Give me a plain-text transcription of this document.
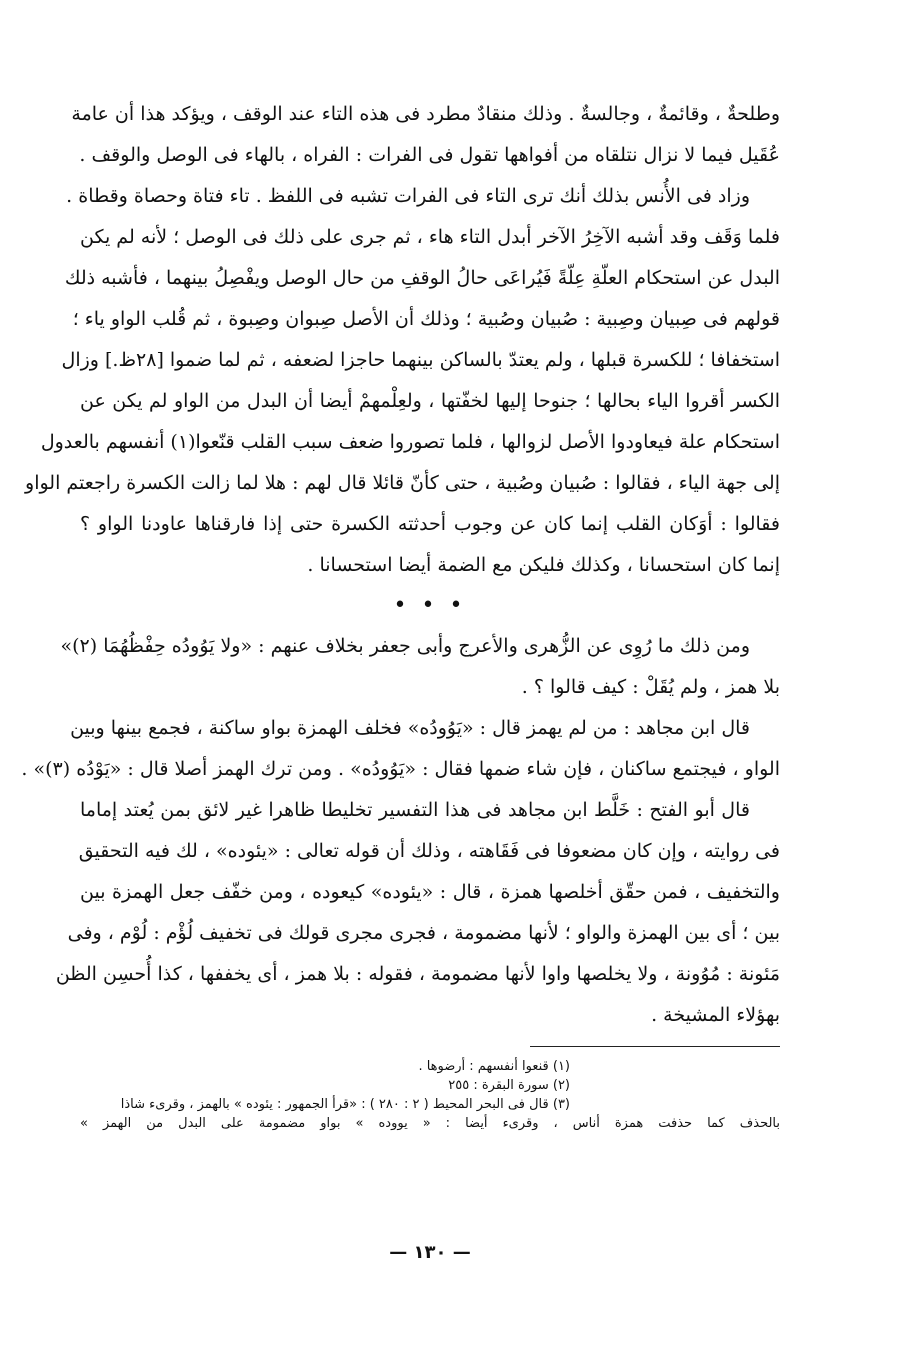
وطلحةٌ ، وقائمةٌ ، وجالسةٌ . وذلك منقادٌ مطرد فى هذه التاء عند الوقف ، ويؤكد هذا أن عامة
عُقَيل فيما لا نزال نتلقاه من أفواهها تقول فى الفرات : الفراه ، بالهاء فى الوصل والوقف .
وزاد فى الأُنس بذلك أنك ترى التاء فى الفرات تشبه فى اللفظ . تاء فتاة وحصاة وقطاة .
فلما وَقَف وقد أشبه الآخِرُ الآخر أبدل التاء هاء ، ثم جرى على ذلك فى الوصل ؛ لأنه لم يكن
البدل عن استحكام العلّةِ عِلّةً فَيُراعَى حالُ الوقفِ من حال الوصل ويفْصِلُ بينهما ، فأشبه ذلك
قولهم فى صِبيان وصِبية : صُبيان وصُبية ؛ وذلك أن الأصل صِبوان وصِبوة ، ثم قُلب الواو ياء ؛
استخفافا ؛ للكسرة قبلها ، ولم يعتدّ بالساكن بينهما حاجزا لضعفه ، ثم لما ضموا [٢٨ظ.] وزال
الكسر أقروا الياء بحالها ؛ جنوحا إليها لخفّتها ، ولعِلْمهمْ أيضا أن البدل من الواو لم يكن عن
استحكام علة فيعاودوا الأصل لزوالها ، فلما تصوروا ضعف سبب القلب قنّعوا(١) أنفسهم بالعدول
إلى جهة الياء ، فقالوا : صُبيان وصُبية ، حتى كأنّ قائلا قال لهم : هلا لما زالت الكسرة راجعتم الواو
فقالوا : أوَكان القلب إنما كان عن وجوب أحدثته الكسرة حتى إذا فارقناها عاودنا الواو ؟
إنما كان استحسانا ، وكذلك فليكن مع الضمة أيضا استحسانا .
• • •
ومن ذلك ما رُوِى عن الزُّهرى والأعرج وأبى جعفر بخلاف عنهم : «ولا يَوُودُه حِفْظُهُمَا (٢)»
بلا همز ، ولم يُقَلْ : كيف قالوا ؟ .
قال ابن مجاهد : من لم يهمز قال : «يَوُودُه» فخلف الهمزة بواو ساكنة ، فجمع بينها وبين
الواو ، فيجتمع ساكنان ، فإن شاء ضمها فقال : «يَوُودُه» . ومن ترك الهمز أصلا قال : «يَوْدُه (٣)» .
قال أبو الفتح : خَلَّط ابن مجاهد فى هذا التفسير تخليطا ظاهرا غير لائق بمن يُعتد إماما
فى روايته ، وإن كان مضعوفا فى فَقَاهته ، وذلك أن قوله تعالى : «يئوده» ، لك فيه التحقيق
والتخفيف ، فمن حقّق أخلصها همزة ، قال : «يئوده» كيعوده ، ومن خفّف جعل الهمزة بين
بين ؛ أى بين الهمزة والواو ؛ لأنها مضمومة ، فجرى مجرى قولك فى تخفيف لُؤْم : لُوْم ، وفى
مَئونة : مُوُونة ، ولا يخلصها واوا لأنها مضمومة ، فقوله : بلا همز ، أى يخففها ، كذا أُحسِن الظن
بهؤلاء المشيخة .
(١) قنعوا أنفسهم : أرضوها .
(٢) سورة البقرة : ٢٥٥
(٣) قال فى البحر المحيط ( ٢ : ٢٨٠ ) : «قرأ الجمهور : يئوده » بالهمز ، وقرىء شاذا
بالحذف كما حذفت همزة أناس ، وقرىء أيضا : « يووده » بواو مضمومة على البدل من الهمز »
— ١٣٠ —
